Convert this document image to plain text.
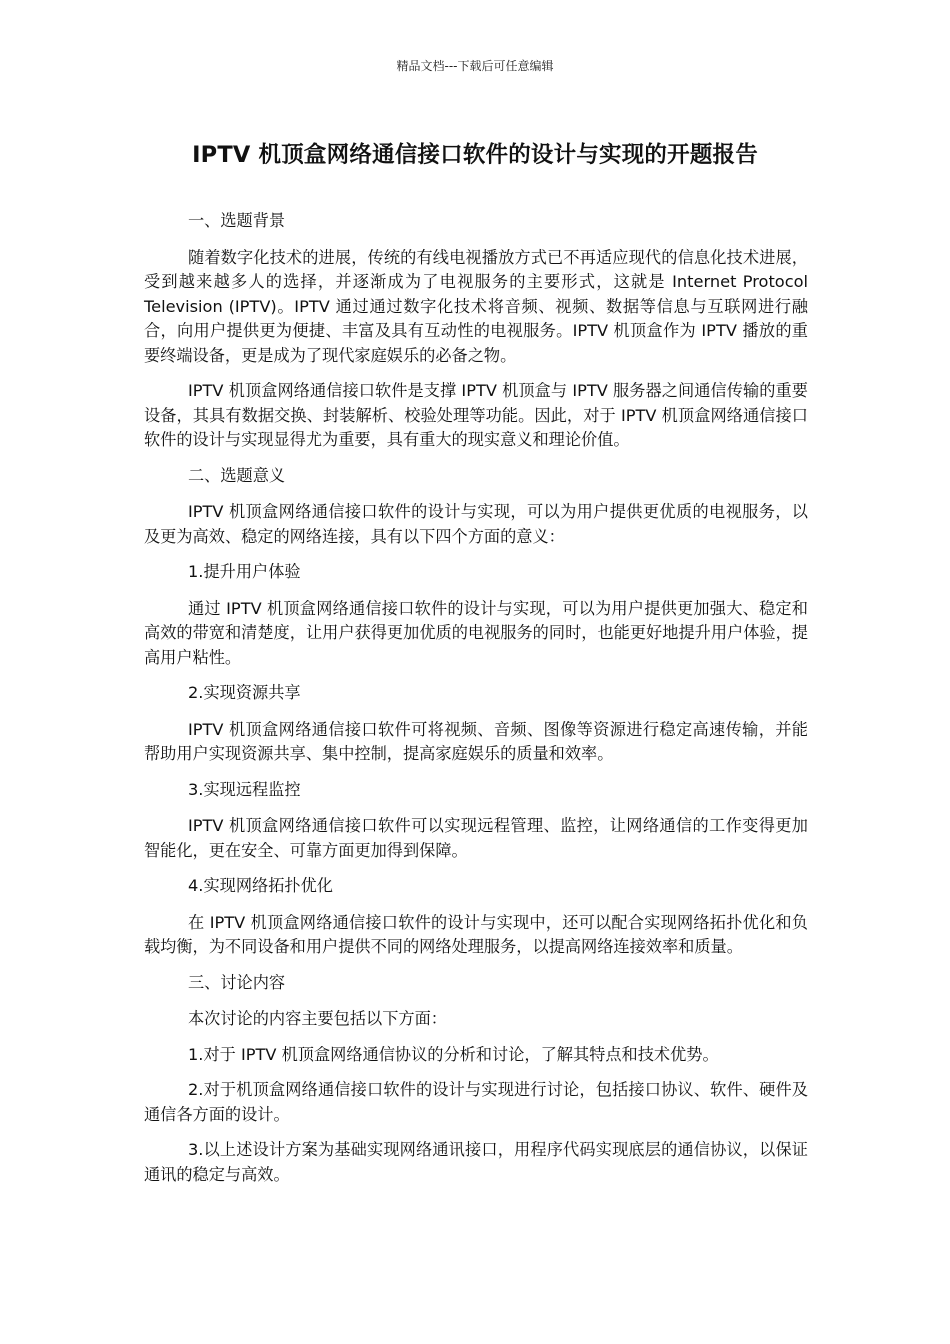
精品文档---下载后可任意编辑
IPTV 机顶盒网络通信接口软件的设计与实现的开题报告

一、选题背景

随着数字化技术的进展，传统的有线电视播放方式已不再适应现代的信息化技术进展，受到越来越多人的选择，并逐渐成为了电视服务的主要形式，这就是 Internet Protocol Television (IPTV)。IPTV 通过通过数字化技术将音频、视频、数据等信息与互联网进行融合，向用户提供更为便捷、丰富及具有互动性的电视服务。IPTV 机顶盒作为 IPTV 播放的重要终端设备，更是成为了现代家庭娱乐的必备之物。

IPTV 机顶盒网络通信接口软件是支撑 IPTV 机顶盒与 IPTV 服务器之间通信传输的重要设备，其具有数据交换、封装解析、校验处理等功能。因此，对于 IPTV 机顶盒网络通信接口软件的设计与实现显得尤为重要，具有重大的现实意义和理论价值。

二、选题意义

IPTV 机顶盒网络通信接口软件的设计与实现，可以为用户提供更优质的电视服务，以及更为高效、稳定的网络连接，具有以下四个方面的意义：

1.提升用户体验

通过 IPTV 机顶盒网络通信接口软件的设计与实现，可以为用户提供更加强大、稳定和高效的带宽和清楚度，让用户获得更加优质的电视服务的同时，也能更好地提升用户体验，提高用户粘性。

2.实现资源共享

IPTV 机顶盒网络通信接口软件可将视频、音频、图像等资源进行稳定高速传输，并能帮助用户实现资源共享、集中控制，提高家庭娱乐的质量和效率。

3.实现远程监控

IPTV 机顶盒网络通信接口软件可以实现远程管理、监控，让网络通信的工作变得更加智能化，更在安全、可靠方面更加得到保障。

4.实现网络拓扑优化

在 IPTV 机顶盒网络通信接口软件的设计与实现中，还可以配合实现网络拓扑优化和负载均衡，为不同设备和用户提供不同的网络处理服务，以提高网络连接效率和质量。

三、讨论内容

本次讨论的内容主要包括以下方面：

1.对于 IPTV 机顶盒网络通信协议的分析和讨论，了解其特点和技术优势。

2.对于机顶盒网络通信接口软件的设计与实现进行讨论，包括接口协议、软件、硬件及通信各方面的设计。

3.以上述设计方案为基础实现网络通讯接口，用程序代码实现底层的通信协议，以保证通讯的稳定与高效。
